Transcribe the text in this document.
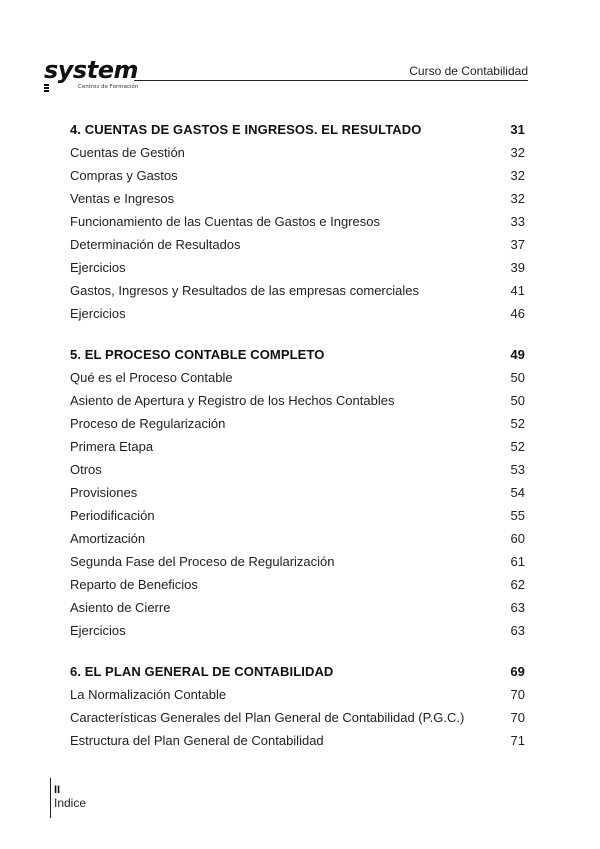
system
Centros de Formación
Curso de Contabilidad
4. CUENTAS DE GASTOS E INGRESOS. EL RESULTADO	31
Cuentas de Gestión	32
Compras y Gastos	32
Ventas e Ingresos	32
Funcionamiento de las Cuentas de Gastos e Ingresos	33
Determinación de Resultados	37
Ejercicios	39
Gastos, Ingresos y Resultados de las empresas comerciales	41
Ejercicios	46
5. EL PROCESO CONTABLE COMPLETO	49
Qué es el Proceso Contable	50
Asiento de Apertura y Registro de los Hechos Contables	50
Proceso de Regularización	52
Primera Etapa	52
Otros	53
Provisiones	54
Periodificación	55
Amortización	60
Segunda Fase del Proceso de Regularización	61
Reparto de Beneficios	62
Asiento de Cierre	63
Ejercicios	63
6. EL PLAN GENERAL DE CONTABILIDAD	69
La Normalización Contable	70
Características Generales del Plan General de Contabilidad (P.G.C.)	70
Estructura del Plan General de Contabilidad	71
II
Indice
